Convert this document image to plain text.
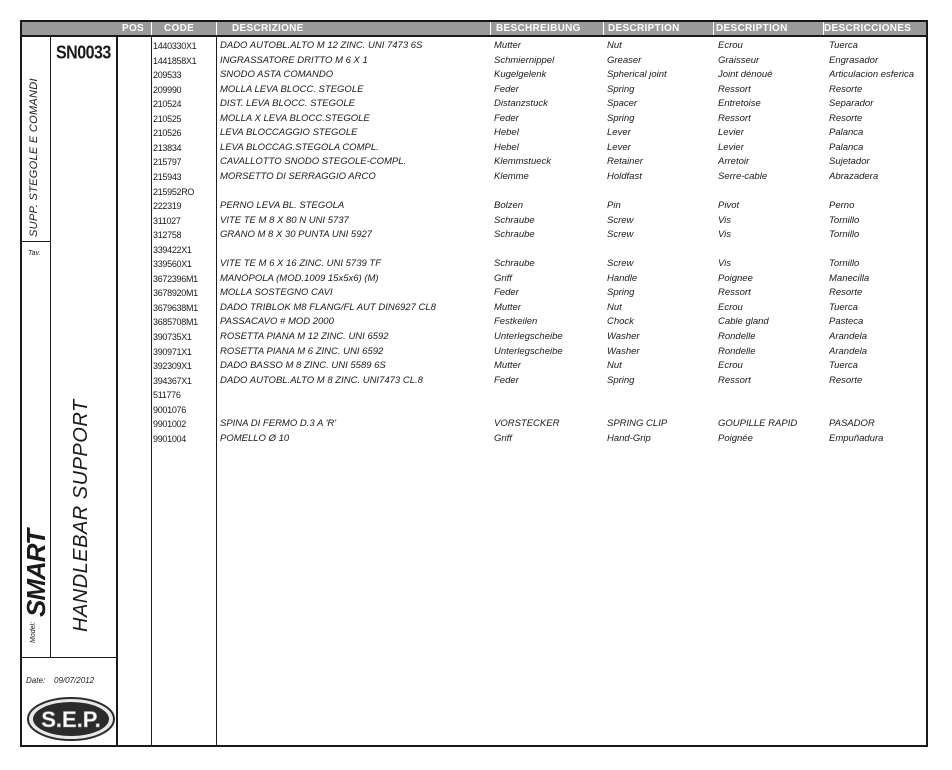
POS CODE	DESCRIZIONE	BESCHREIBUNG	DESCRIPTION	DESCRIPTION	DESCRICCIONES
SN0033
SUPP. STEGOLE E COMANDI
Tav.
Model:
SMART HANDLEBAR SUPPORT
Date: 09/07/2012
S.E.P.
1440330X1	DADO AUTOBL.ALTO M 12 ZINC. UNI 7473 6S	Mutter	Nut	Ecrou	Tuerca
1441858X1	INGRASSATORE DRITTO M 6 X 1	Schmiernippel	Greaser	Graisseur	Engrasador
209533	SNODO ASTA COMANDO	Kugelgelenk	Spherical joint	Joint dénoué	Articulacion esferica
209990	MOLLA LEVA BLOCC. STEGOLE	Feder	Spring	Ressort	Resorte
210524	DIST. LEVA BLOCC. STEGOLE	Distanzstuck	Spacer	Entretoise	Separador
210525	MOLLA X LEVA BLOCC.STEGOLE	Feder	Spring	Ressort	Resorte
210526	LEVA BLOCCAGGIO STEGOLE	Hebel	Lever	Levier	Palanca
213834	LEVA BLOCCAG.STEGOLA COMPL.	Hebel	Lever	Levier	Palanca
215797	CAVALLOTTO SNODO STEGOLE-COMPL.	Klemmstueck	Retainer	Arretoir	Sujetador
215943	MORSETTO DI SERRAGGIO ARCO	Klemme	Holdfast	Serre-cable	Abrazadera
215952RO
222319	PERNO LEVA BL. STEGOLA	Bolzen	Pin	Pivot	Perno
311027	VITE TE M 8 X 80 N UNI 5737	Schraube	Screw	Vis	Tornillo
312758	GRANO M 8 X 30 PUNTA UNI 5927	Schraube	Screw	Vis	Tornillo
339422X1
339560X1	VITE TE M 6 X 16 ZINC. UNI 5739 TF	Schraube	Screw	Vis	Tornillo
3672396M1	MANOPOLA (MOD.1009 15x5x6) (M)	Griff	Handle	Poignee	Manecilla
3678920M1	MOLLA SOSTEGNO CAVI	Feder	Spring	Ressort	Resorte
3679638M1	DADO TRIBLOK M8 FLANG/FL AUT DIN6927 CL8	Mutter	Nut	Ecrou	Tuerca
3685708M1	PASSACAVO # MOD 2000	Festkeilen	Chock	Cable gland	Pasteca
390735X1	ROSETTA PIANA M 12 ZINC. UNI 6592	Unterlegscheibe	Washer	Rondelle	Arandela
390971X1	ROSETTA PIANA M 6 ZINC. UNI 6592	Unterlegscheibe	Washer	Rondelle	Arandela
392309X1	DADO BASSO M 8 ZINC. UNI 5589 6S	Mutter	Nut	Ecrou	Tuerca
394367X1	DADO AUTOBL.ALTO M 8 ZINC. UNI7473 CL.8	Feder	Spring	Ressort	Resorte
511776
9001076
9901002	SPINA DI FERMO D.3 A 'R'	VORSTECKER	SPRING CLIP	GOUPILLE RAPID	PASADOR
9901004	POMELLO Ø 10	Griff	Hand-Grip	Poignée	Empuñadura
